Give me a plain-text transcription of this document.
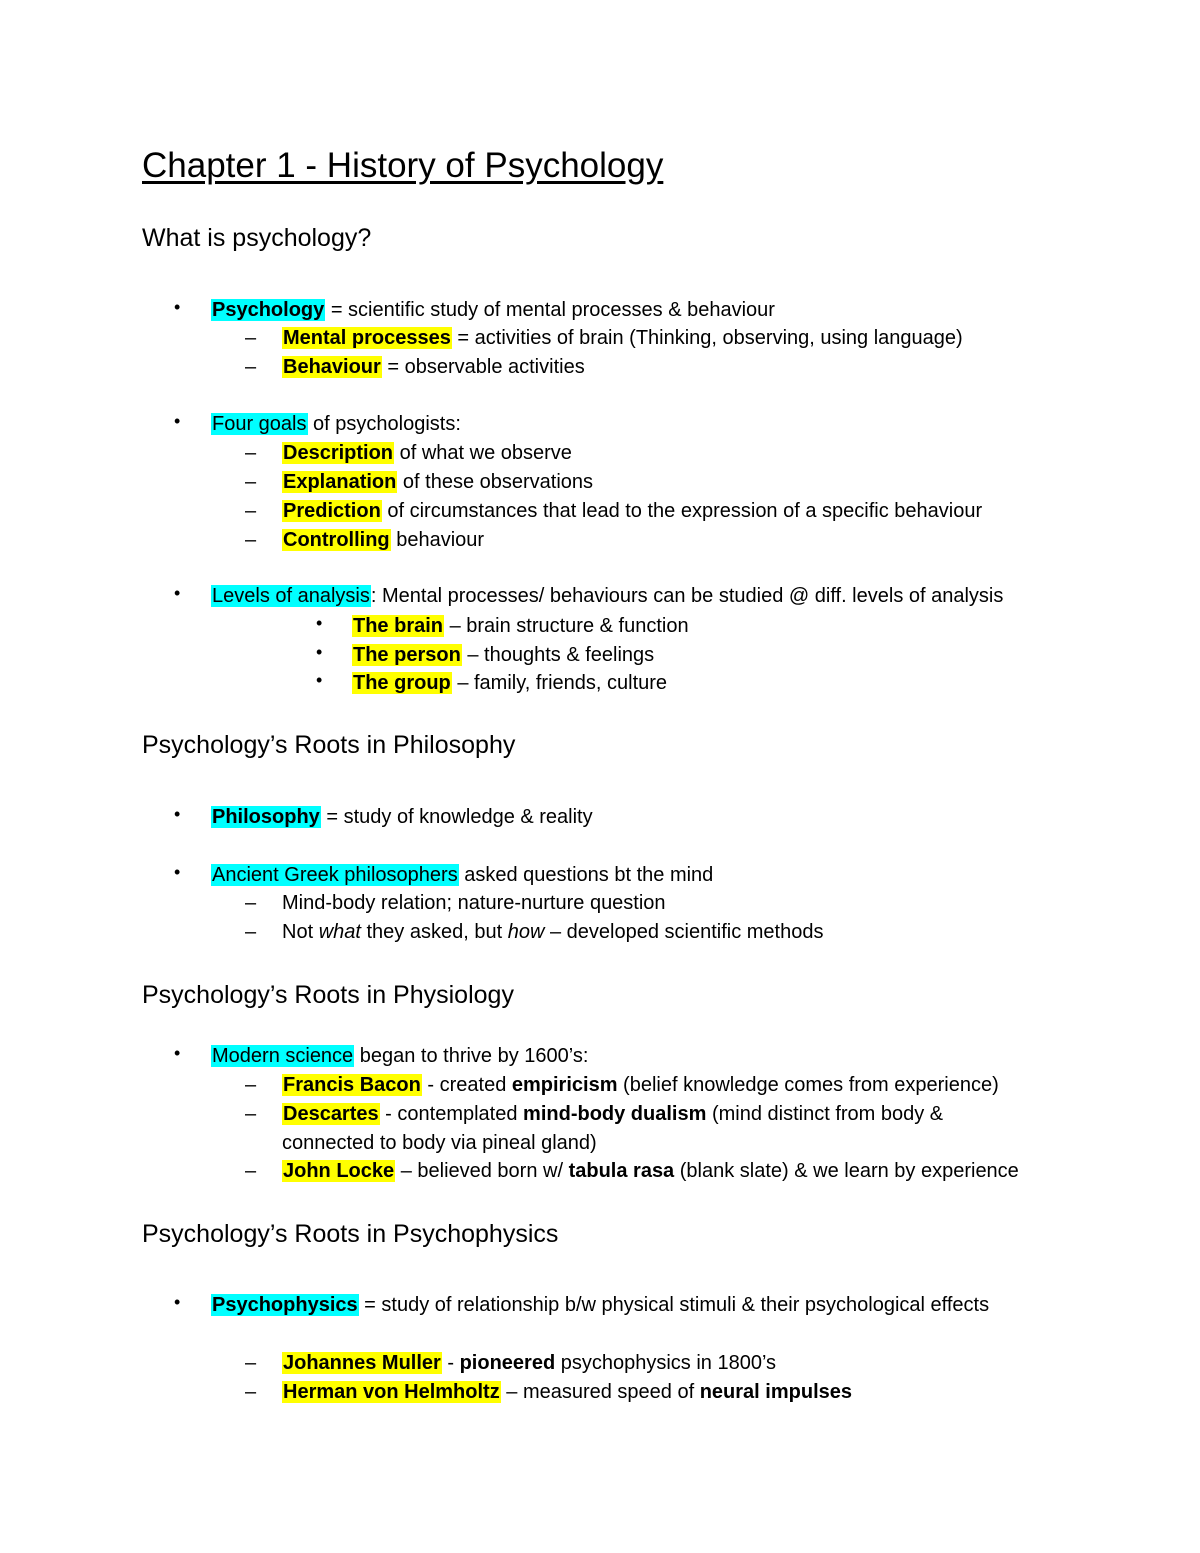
Chapter 1 - History of Psychology
What is psychology?
• Psychology = scientific study of mental processes & behaviour
– Mental processes = activities of brain (Thinking, observing, using language)
– Behaviour = observable activities
• Four goals of psychologists:
– Description of what we observe
– Explanation of these observations
– Prediction of circumstances that lead to the expression of a specific behaviour
– Controlling behaviour
• Levels of analysis: Mental processes/ behaviours can be studied @ diff. levels of analysis
• The brain – brain structure & function
• The person – thoughts & feelings
• The group – family, friends, culture
Psychology’s Roots in Philosophy
• Philosophy = study of knowledge & reality
• Ancient Greek philosophers asked questions bt the mind
– Mind-body relation; nature-nurture question
– Not what they asked, but how – developed scientific methods
Psychology’s Roots in Physiology
• Modern science began to thrive by 1600’s:
– Francis Bacon - created empiricism (belief knowledge comes from experience)
– Descartes - contemplated mind-body dualism (mind distinct from body &
connected to body via pineal gland)
– John Locke – believed born w/ tabula rasa (blank slate) & we learn by experience
Psychology’s Roots in Psychophysics
• Psychophysics = study of relationship b/w physical stimuli & their psychological effects
– Johannes Muller - pioneered psychophysics in 1800’s
– Herman von Helmholtz – measured speed of neural impulses
